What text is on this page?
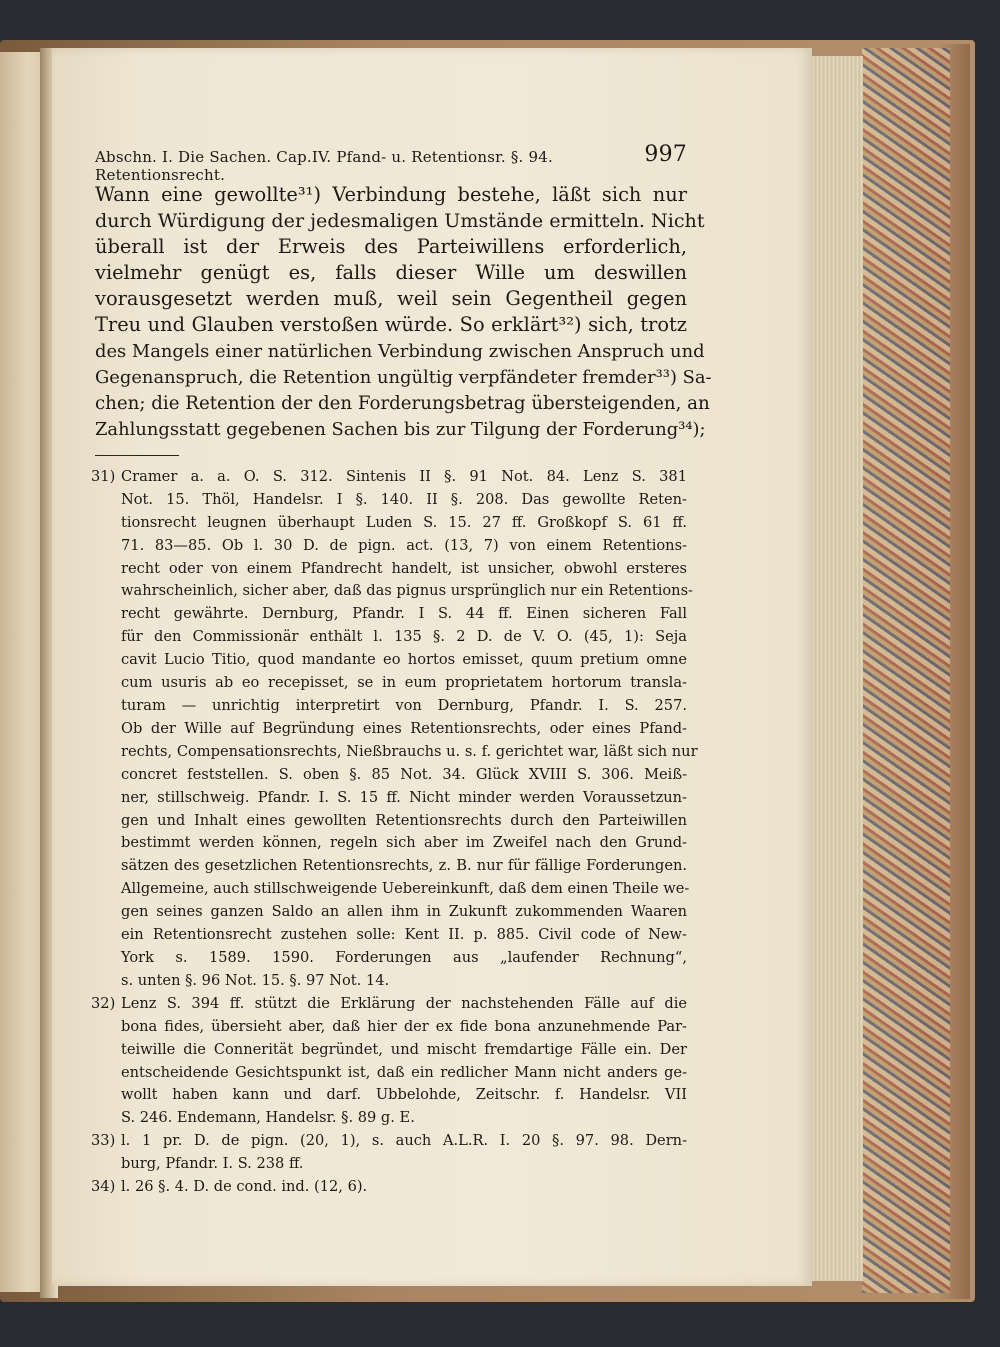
Abschn. I. Die Sachen. Cap.IV. Pfand- u. Retentionsr. §. 94. Retentionsrecht.
997
Wann eine gewollte³¹) Verbindung bestehe, läßt sich nur
durch Würdigung der jedesmaligen Umstände ermitteln. Nicht
überall ist der Erweis des Parteiwillens erforderlich,
vielmehr genügt es, falls dieser Wille um deswillen
vorausgesetzt werden muß, weil sein Gegentheil gegen
Treu und Glauben verstoßen würde. So erklärt³²) sich, trotz
des Mangels einer natürlichen Verbindung zwischen Anspruch und
Gegenanspruch, die Retention ungültig verpfändeter fremder³³) Sa-
chen; die Retention der den Forderungsbetrag übersteigenden, an
Zahlungsstatt gegebenen Sachen bis zur Tilgung der Forderung³⁴);
31) Cramer a. a. O. S. 312. Sintenis II §. 91 Not. 84. Lenz S. 381
Not. 15. Thöl, Handelsr. I §. 140. II §. 208. Das gewollte Reten-
tionsrecht leugnen überhaupt Luden S. 15. 27 ff. Großkopf S. 61 ff.
71. 83—85. Ob l. 30 D. de pign. act. (13, 7) von einem Retentions-
recht oder von einem Pfandrecht handelt, ist unsicher, obwohl ersteres
wahrscheinlich, sicher aber, daß das pignus ursprünglich nur ein Retentions-
recht gewährte. Dernburg, Pfandr. I S. 44 ff. Einen sicheren Fall
für den Commissionär enthält l. 135 §. 2 D. de V. O. (45, 1): Seja
cavit Lucio Titio, quod mandante eo hortos emisset, quum pretium omne
cum usuris ab eo recepisset, se in eum proprietatem hortorum transla-
turam — unrichtig interpretirt von Dernburg, Pfandr. I. S. 257.
Ob der Wille auf Begründung eines Retentionsrechts, oder eines Pfand-
rechts, Compensationsrechts, Nießbrauchs u. s. f. gerichtet war, läßt sich nur
concret feststellen. S. oben §. 85 Not. 34. Glück XVIII S. 306. Meiß-
ner, stillschweig. Pfandr. I. S. 15 ff. Nicht minder werden Voraussetzun-
gen und Inhalt eines gewollten Retentionsrechts durch den Parteiwillen
bestimmt werden können, regeln sich aber im Zweifel nach den Grund-
sätzen des gesetzlichen Retentionsrechts, z. B. nur für fällige Forderungen.
Allgemeine, auch stillschweigende Uebereinkunft, daß dem einen Theile we-
gen seines ganzen Saldo an allen ihm in Zukunft zukommenden Waaren
ein Retentionsrecht zustehen solle: Kent II. p. 885. Civil code of New-
York s. 1589. 1590. Forderungen aus „laufender Rechnung“,
s. unten §. 96 Not. 15. §. 97 Not. 14.
32) Lenz S. 394 ff. stützt die Erklärung der nachstehenden Fälle auf die
bona fides, übersieht aber, daß hier der ex fide bona anzunehmende Par-
teiwille die Connerität begründet, und mischt fremdartige Fälle ein. Der
entscheidende Gesichtspunkt ist, daß ein redlicher Mann nicht anders ge-
wollt haben kann und darf. Ubbelohde, Zeitschr. f. Handelsr. VII
S. 246. Endemann, Handelsr. §. 89 g. E.
33) l. 1 pr. D. de pign. (20, 1), s. auch A.L.R. I. 20 §. 97. 98. Dern-
burg, Pfandr. I. S. 238 ff.
34) l. 26 §. 4. D. de cond. ind. (12, 6).
